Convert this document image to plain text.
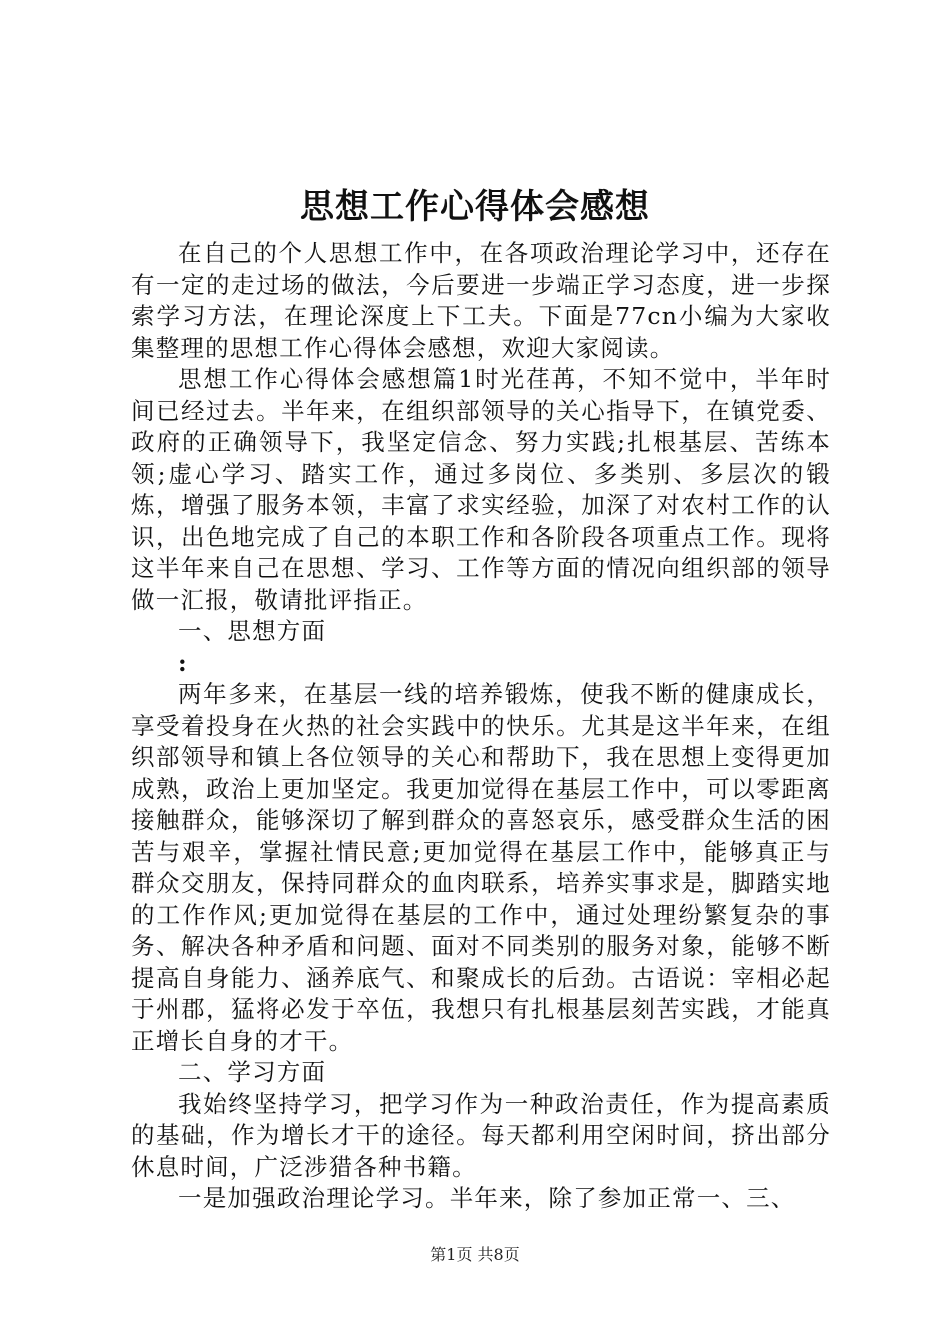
思想工作心得体会感想

在自己的个人思想工作中，在各项政治理论学习中，还存在有一定的走过场的做法，今后要进一步端正学习态度，进一步探索学习方法，在理论深度上下工夫。下面是77cn小编为大家收集整理的思想工作心得体会感想，欢迎大家阅读。

思想工作心得体会感想篇1时光荏苒，不知不觉中，半年时间已经过去。半年来，在组织部领导的关心指导下，在镇党委、政府的正确领导下，我坚定信念、努力实践;扎根基层、苦练本领;虚心学习、踏实工作，通过多岗位、多类别、多层次的锻炼，增强了服务本领，丰富了求实经验，加深了对农村工作的认识，出色地完成了自己的本职工作和各阶段各项重点工作。现将这半年来自己在思想、学习、工作等方面的情况向组织部的领导做一汇报，敬请批评指正。

一、思想方面

:

两年多来，在基层一线的培养锻炼，使我不断的健康成长，享受着投身在火热的社会实践中的快乐。尤其是这半年来，在组织部领导和镇上各位领导的关心和帮助下，我在思想上变得更加成熟，政治上更加坚定。我更加觉得在基层工作中，可以零距离接触群众，能够深切了解到群众的喜怒哀乐，感受群众生活的困苦与艰辛，掌握社情民意;更加觉得在基层工作中，能够真正与群众交朋友，保持同群众的血肉联系，培养实事求是，脚踏实地的工作作风;更加觉得在基层的工作中，通过处理纷繁复杂的事务、解决各种矛盾和问题、面对不同类别的服务对象，能够不断提高自身能力、涵养底气、和聚成长的后劲。古语说：宰相必起于州郡，猛将必发于卒伍，我想只有扎根基层刻苦实践，才能真正增长自身的才干。

二、学习方面

我始终坚持学习，把学习作为一种政治责任，作为提高素质的基础，作为增长才干的途径。每天都利用空闲时间，挤出部分休息时间，广泛涉猎各种书籍。

一是加强政治理论学习。半年来，除了参加正常一、三、

第1页 共8页
